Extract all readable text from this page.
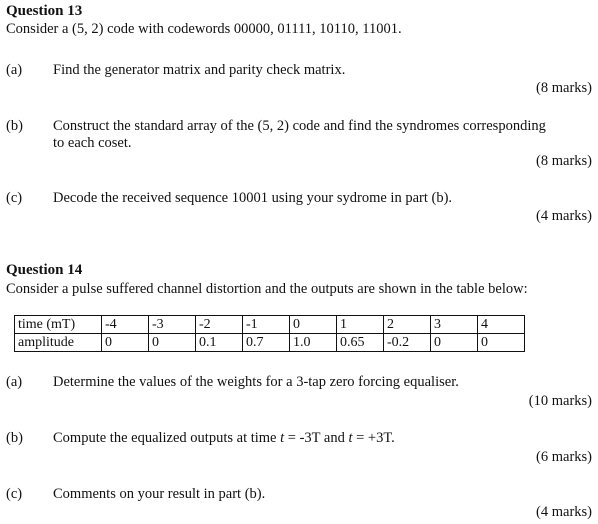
Question 13
Consider a (5, 2) code with codewords 00000, 01111, 10110, 11001.
(a) Find the generator matrix and parity check matrix.
(8 marks)
(b) Construct the standard array of the (5, 2) code and find the syndromes corresponding
to each coset.
(8 marks)
(c) Decode the received sequence 10001 using your sydrome in part (b).
(4 marks)
Question 14
Consider a pulse suffered channel distortion and the outputs are shown in the table below:
time (mT)	-4	-3	-2	-1	0	1	2	3	4
amplitude	0	0	0.1	0.7	1.0	0.65	-0.2	0	0
(a) Determine the values of the weights for a 3-tap zero forcing equaliser.
(10 marks)
(b) Compute the equalized outputs at time t = -3T and t = +3T.
(6 marks)
(c) Comments on your result in part (b).
(4 marks)
